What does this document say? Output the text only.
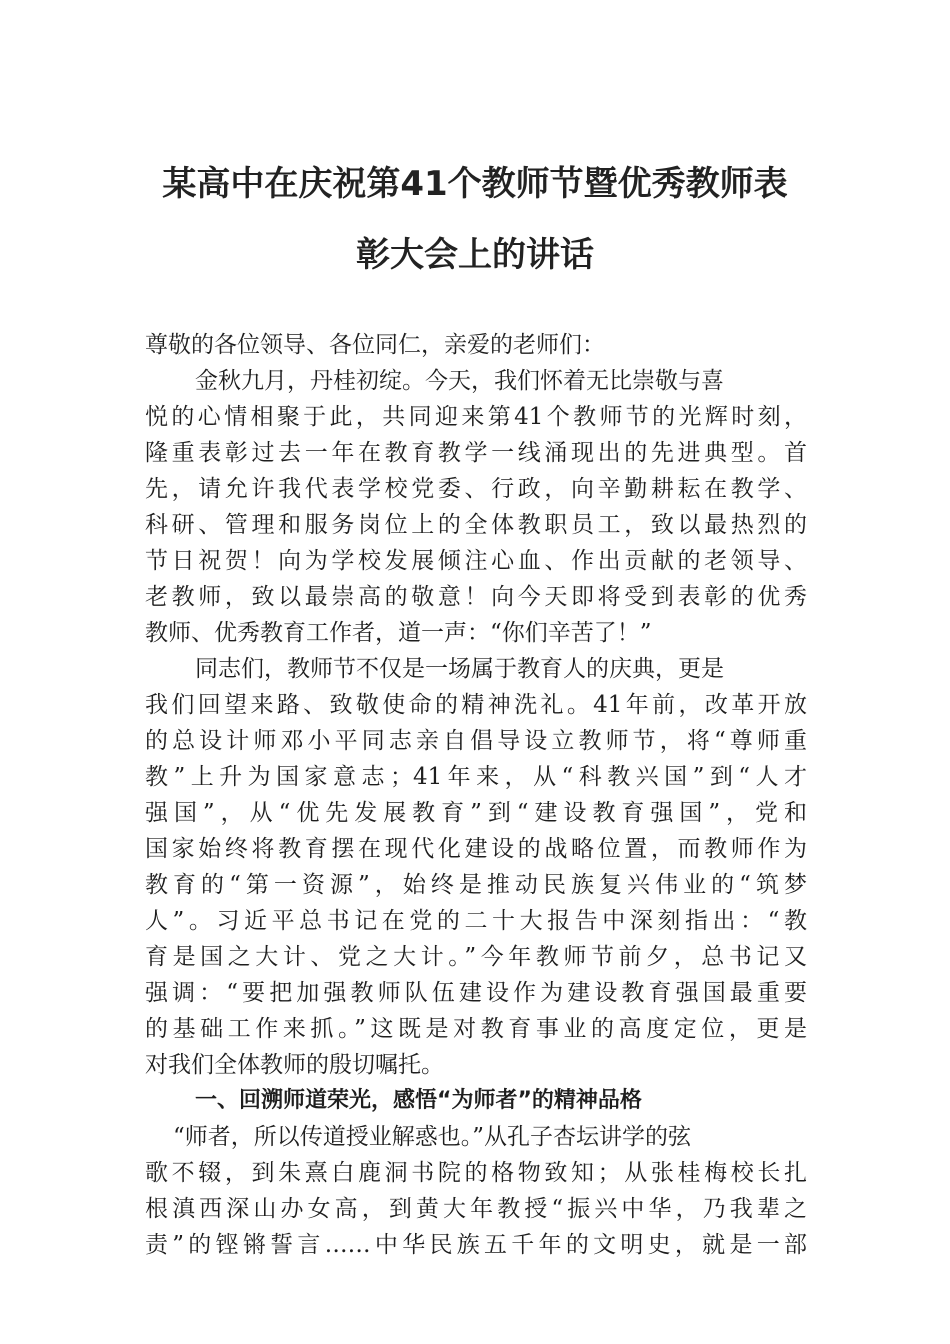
某高中在庆祝第41个教师节暨优秀教师表
彰大会上的讲话
尊敬的各位领导、各位同仁，亲爱的老师们：
金秋九月，丹桂初绽。今天，我们怀着无比崇敬与喜
悦的心情相聚于此，共同迎来第41个教师节的光辉时刻，
隆重表彰过去一年在教育教学一线涌现出的先进典型。首
先，请允许我代表学校党委、行政，向辛勤耕耘在教学、
科研、管理和服务岗位上的全体教职员工，致以最热烈的
节日祝贺！向为学校发展倾注心血、作出贡献的老领导、
老教师，致以最崇高的敬意！向今天即将受到表彰的优秀
教师、优秀教育工作者，道一声：“你们辛苦了！”
同志们，教师节不仅是一场属于教育人的庆典，更是
我们回望来路、致敬使命的精神洗礼。41年前，改革开放
的总设计师邓小平同志亲自倡导设立教师节，将“尊师重
教”上升为国家意志；41年来，从“科教兴国”到“人才
强国”，从“优先发展教育”到“建设教育强国”，党和
国家始终将教育摆在现代化建设的战略位置，而教师作为
教育的“第一资源”，始终是推动民族复兴伟业的“筑梦
人”。习近平总书记在党的二十大报告中深刻指出：“教
育是国之大计、党之大计。”今年教师节前夕，总书记又
强调：“要把加强教师队伍建设作为建设教育强国最重要
的基础工作来抓。”这既是对教育事业的高度定位，更是
对我们全体教师的殷切嘱托。
一、回溯师道荣光，感悟“为师者”的精神品格
“师者，所以传道授业解惑也。”从孔子杏坛讲学的弦
歌不辍，到朱熹白鹿洞书院的格物致知；从张桂梅校长扎
根滇西深山办女高，到黄大年教授“振兴中华，乃我辈之
责”的铿锵誓言……中华民族五千年的文明史，就是一部
